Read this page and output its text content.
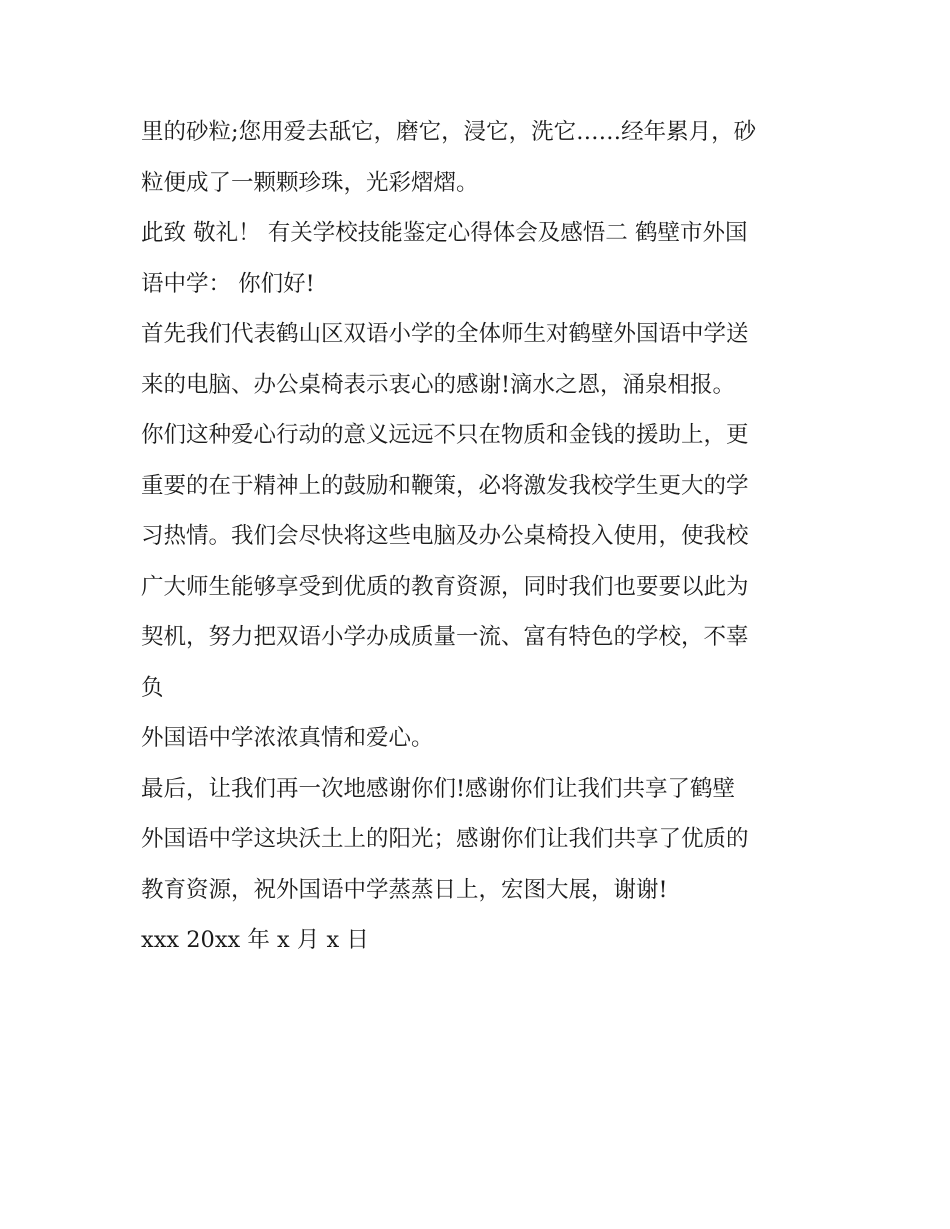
里的砂粒;您用爱去舐它，磨它，浸它，洗它……经年累月，砂
粒便成了一颗颗珍珠，光彩熠熠。
此致 敬礼！ 有关学校技能鉴定心得体会及感悟二 鹤壁市外国
语中学： 你们好!
首先我们代表鹤山区双语小学的全体师生对鹤壁外国语中学送
来的电脑、办公桌椅表示衷心的感谢!滴水之恩，涌泉相报。
你们这种爱心行动的意义远远不只在物质和金钱的援助上，更
重要的在于精神上的鼓励和鞭策，必将激发我校学生更大的学
习热情。我们会尽快将这些电脑及办公桌椅投入使用，使我校
广大师生能够享受到优质的教育资源，同时我们也要要以此为
契机，努力把双语小学办成质量一流、富有特色的学校，不辜
负
外国语中学浓浓真情和爱心。
最后，让我们再一次地感谢你们!感谢你们让我们共享了鹤壁
外国语中学这块沃土上的阳光；感谢你们让我们共享了优质的
教育资源，祝外国语中学蒸蒸日上，宏图大展，谢谢!
xxx 20xx 年 x 月 x 日
